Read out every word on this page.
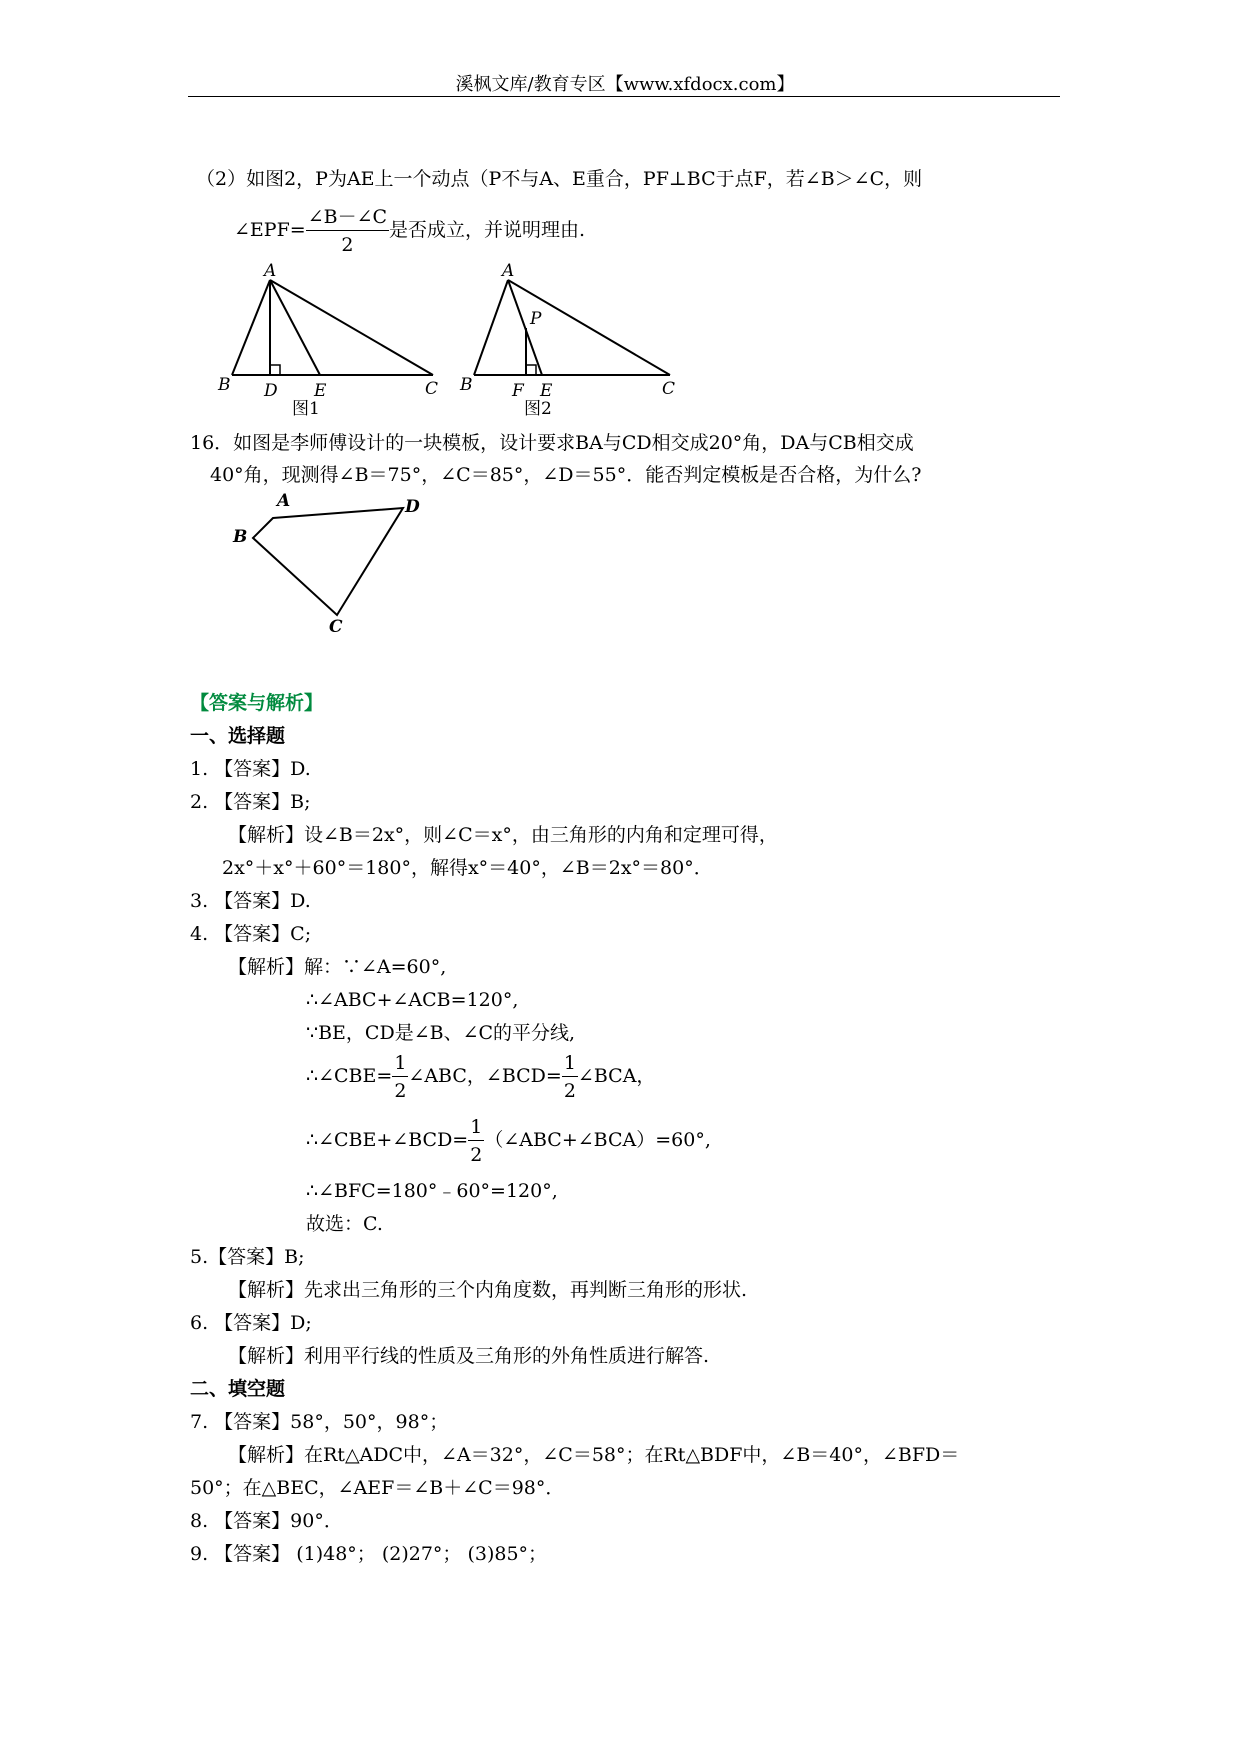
溪枫文库/教育专区【www.xfdocx.com】
（2）如图2，P为AE上一个动点（P不与A、E重合，PF⊥BC于点F，若∠B＞∠C，则
∠EPF= $\frac{\angle B-\angle C}{2}$ 是否成立，并说明理由.
A
B D E	C
图1
A
P
B F E	C
图2
16．如图是李师傅设计的一块模板，设计要求BA与CD相交成20°角，DA与CB相交成
40°角，现测得∠B＝75°，∠C＝85°，∠D＝55°．能否判定模板是否合格，为什么?
A	D
B
C
【答案与解析】
一、选择题
1. 【答案】D.
2. 【答案】B;
【解析】设∠B＝2x°，则∠C＝x°，由三角形的内角和定理可得，
2x°＋x°＋60°＝180°，解得x°＝40°，∠B＝2x°＝80°．
3. 【答案】D.
4. 【答案】C;
【解析】解：∵∠A=60°,
∴∠ABC+∠ACB=120°,
∵BE，CD是∠B、∠C的平分线,
∴∠CBE= $\frac{1}{2}$ ∠ABC，∠BCD= $\frac{1}{2}$ ∠BCA，
∴∠CBE+∠BCD= $\frac{1}{2}$ （∠ABC+∠BCA）=60°,
∴∠BFC=180°﹣60°=120°,
故选：C.
5.【答案】B;
【解析】先求出三角形的三个内角度数，再判断三角形的形状.
6. 【答案】D;
【解析】利用平行线的性质及三角形的外角性质进行解答.
二、填空题
7. 【答案】58°，50°，98°；
【解析】在Rt△ADC中，∠A＝32°，∠C＝58°；在Rt△BDF中，∠B＝40°，∠BFD＝
50°；在△BEC，∠AEF＝∠B＋∠C＝98°．
8. 【答案】90°．
9. 【答案】 (1)48°； (2)27°； (3)85°；
